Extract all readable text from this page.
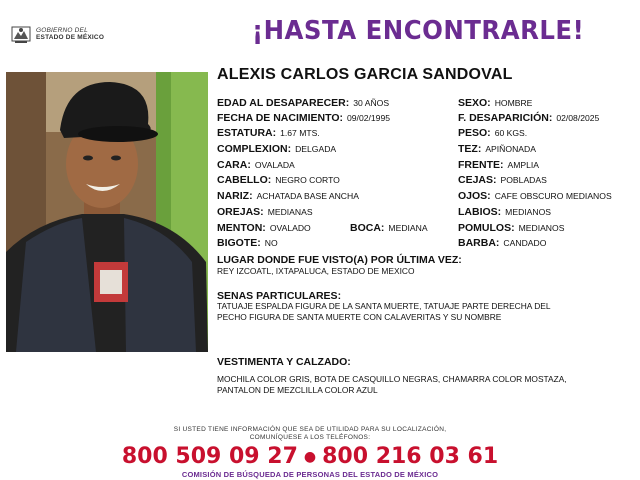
GOBIERNO DEL
ESTADO DE MÉXICO	¡HASTA ENCONTRARLE!
ALEXIS CARLOS GARCIA SANDOVAL
EDAD AL DESAPARECER: 30 AÑOS
FECHA DE NACIMIENTO: 09/02/1995
ESTATURA: 1.67 MTS.
COMPLEXION: DELGADA
CARA: OVALADA
CABELLO: NEGRO CORTO
NARIZ: ACHATADA BASE ANCHA
OREJAS: MEDIANAS
MENTON: OVALADO	BOCA: MEDIANA
BIGOTE: NO
SEXO: HOMBRE
F. DESAPARICIÓN: 02/08/2025
PESO: 60 KGS.
TEZ: APIÑONADA
FRENTE: AMPLIA
CEJAS: POBLADAS
OJOS: CAFE OBSCURO MEDIANOS
LABIOS: MEDIANOS
POMULOS: MEDIANOS
BARBA: CANDADO
LUGAR DONDE FUE VISTO(A) POR ÚLTIMA VEZ:
REY IZCOATL, IXTAPALUCA, ESTADO DE MEXICO
SENAS PARTICULARES:
TATUAJE ESPALDA FIGURA DE LA SANTA MUERTE, TATUAJE PARTE DERECHA DEL
PECHO FIGURA DE SANTA MUERTE CON CALAVERITAS Y SU NOMBRE
VESTIMENTA Y CALZADO:
MOCHILA COLOR GRIS, BOTA DE CASQUILLO NEGRAS, CHAMARRA COLOR MOSTAZA,
PANTALON DE MEZCLILLA COLOR AZUL
SI USTED TIENE INFORMACIÓN QUE SEA DE UTILIDAD PARA SU LOCALIZACIÓN,
COMUNÍQUESE A LOS TELÉFONOS:
800 509 09 27 ● 800 216 03 61
COMISIÓN DE BÚSQUEDA DE PERSONAS DEL ESTADO DE MÉXICO
